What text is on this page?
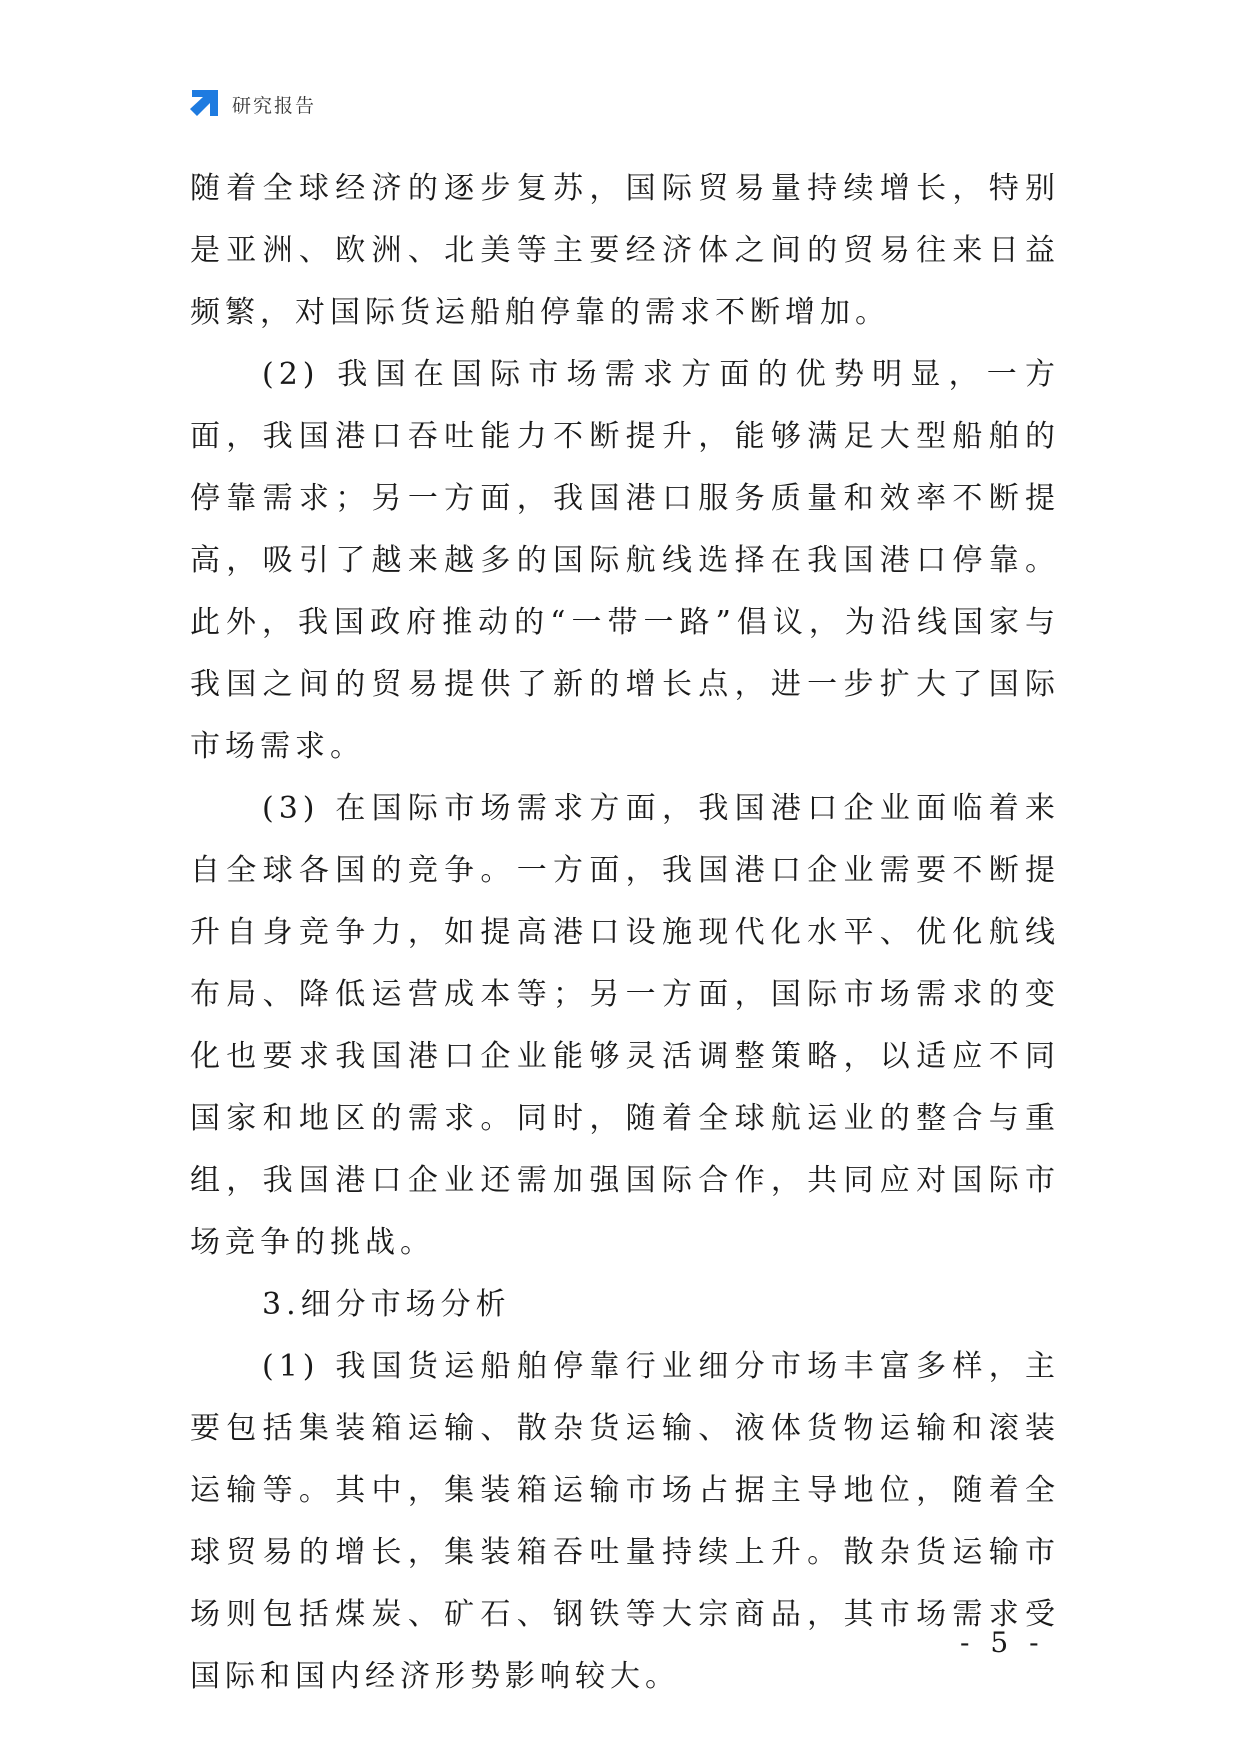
研究报告

随着全球经济的逐步复苏，国际贸易量持续增长，特别是亚洲、欧洲、北美等主要经济体之间的贸易往来日益频繁，对国际货运船舶停靠的需求不断增加。

(2) 我国在国际市场需求方面的优势明显，一方面，我国港口吞吐能力不断提升，能够满足大型船舶的停靠需求；另一方面，我国港口服务质量和效率不断提高，吸引了越来越多的国际航线选择在我国港口停靠。此外，我国政府推动的“一带一路”倡议，为沿线国家与我国之间的贸易提供了新的增长点，进一步扩大了国际市场需求。

(3) 在国际市场需求方面，我国港口企业面临着来自全球各国的竞争。一方面，我国港口企业需要不断提升自身竞争力，如提高港口设施现代化水平、优化航线布局、降低运营成本等；另一方面，国际市场需求的变化也要求我国港口企业能够灵活调整策略，以适应不同国家和地区的需求。同时，随着全球航运业的整合与重组，我国港口企业还需加强国际合作，共同应对国际市场竞争的挑战。

3.细分市场分析

(1) 我国货运船舶停靠行业细分市场丰富多样，主要包括集装箱运输、散杂货运输、液体货物运输和滚装运输等。其中，集装箱运输市场占据主导地位，随着全球贸易的增长，集装箱吞吐量持续上升。散杂货运输市场则包括煤炭、矿石、钢铁等大宗商品，其市场需求受国际和国内经济形势影响较大。

- 5 -
